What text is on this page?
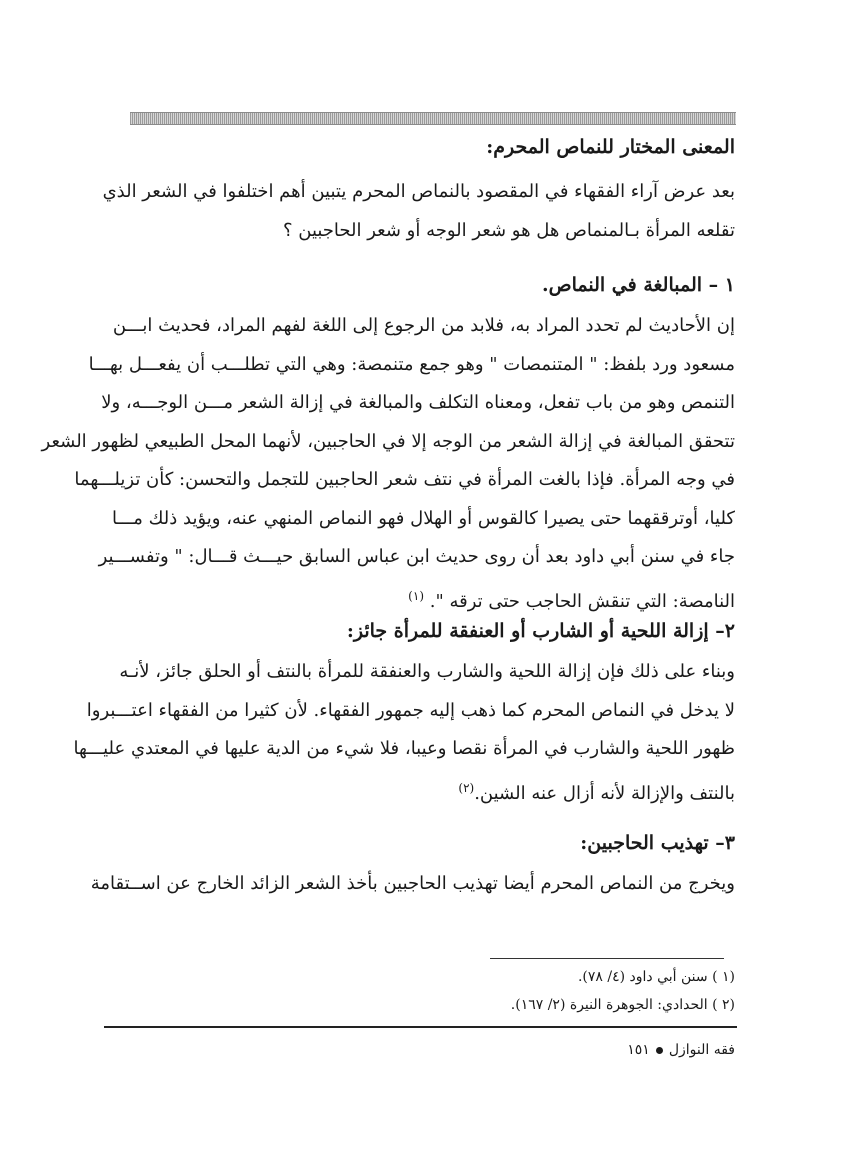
المعنى المختار للنماص المحرم:
بعد عرض آراء الفقهاء في المقصود بالنماص المحرم يتبين أهم اختلفوا في الشعر الذي
تقلعه المرأة بـالمنماص هل هو شعر الوجه أو شعر الحاجبين ؟
١ – المبالغة في النماص.
إن الأحاديث لم تحدد المراد به، فلابد من الرجوع إلى اللغة لفهم المراد، فحديث ابـــن
مسعود ورد بلفظ: " المتنمصات " وهو جمع متنمصة: وهي التي تطلـــب أن يفعـــل بهـــا
التنمص وهو من باب تفعل، ومعناه التكلف والمبالغة في إزالة الشعر مـــن الوجـــه، ولا
تتحقق المبالغة في إزالة الشعر من الوجه إلا في الحاجبين، لأنهما المحل الطبيعي لظهور الشعر
في وجه المرأة. فإذا بالغت المرأة في نتف شعر الحاجبين للتجمل والتحسن: كأن تزيلـــهما
كليا، أوترققهما حتى يصيرا كالقوس أو الهلال فهو النماص المنهي عنه، ويؤيد ذلك مـــا
جاء في سنن أبي داود بعد أن روى حديث ابن عباس السابق حيـــث قـــال: " وتفســـير
النامصة: التي تنقش الحاجب حتى ترقه ". $^{(١)}$
٢– إزالة اللحية أو الشارب أو العنفقة للمرأة جائز:
وبناء على ذلك فإن إزالة اللحية والشارب والعنفقة للمرأة بالنتف أو الحلق جائز، لأنـه
لا يدخل في النماص المحرم كما ذهب إليه جمهور الفقهاء. لأن كثيرا من الفقهاء اعتـــبروا
ظهور اللحية والشارب في المرأة نقصا وعيبا، فلا شيء من الدية عليها في المعتدي عليـــها
بالنتف والإزالة لأنه أزال عنه الشين.$^{(٢)}$
٣– تهذيب الحاجبين:
ويخرج من النماص المحرم أيضا تهذيب الحاجبين بأخذ الشعر الزائد الخارج عن اســتقامة
(١ ) سنن أبي داود (٤/ ٧٨).
(٢ ) الحدادي: الجوهرة النيرة (٢/ ١٦٧).
فقه النوازل
١٥١
